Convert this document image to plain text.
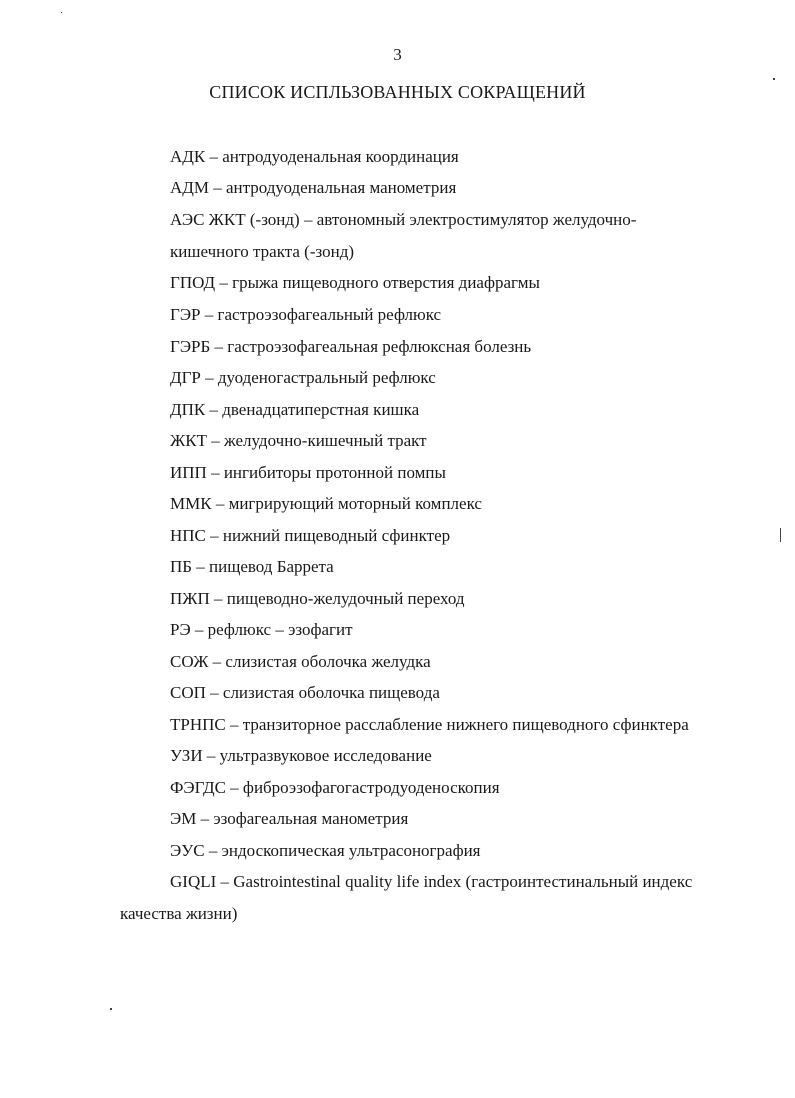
3
СПИСОК ИСПЛЬЗОВАННЫХ СОКРАЩЕНИЙ
АДК – антродуоденальная координация
АДМ – антродуоденальная манометрия
АЭС ЖКТ (-зонд) – автономный электростимулятор желудочно-
кишечного тракта (-зонд)
ГПОД – грыжа пищеводного отверстия диафрагмы
ГЭР – гастроэзофагеальный рефлюкс
ГЭРБ – гастроэзофагеальная рефлюксная болезнь
ДГР – дуоденогастральный рефлюкс
ДПК – двенадцатиперстная кишка
ЖКТ – желудочно-кишечный тракт
ИПП – ингибиторы протонной помпы
ММК – мигрирующий моторный комплекс
НПС – нижний пищеводный сфинктер
ПБ – пищевод Баррета
ПЖП – пищеводно-желудочный переход
РЭ – рефлюкс – эзофагит
СОЖ – слизистая оболочка желудка
СОП – слизистая оболочка пищевода
ТРНПС – транзиторное расслабление нижнего пищеводного сфинктера
УЗИ – ультразвуковое исследование
ФЭГДС – фиброэзофагогастродуоденоскопия
ЭМ – эзофагеальная манометрия
ЭУС – эндоскопическая ультрасонография
GIQLI – Gastrointestinal quality life index (гастроинтестинальный индекс
качества жизни)
